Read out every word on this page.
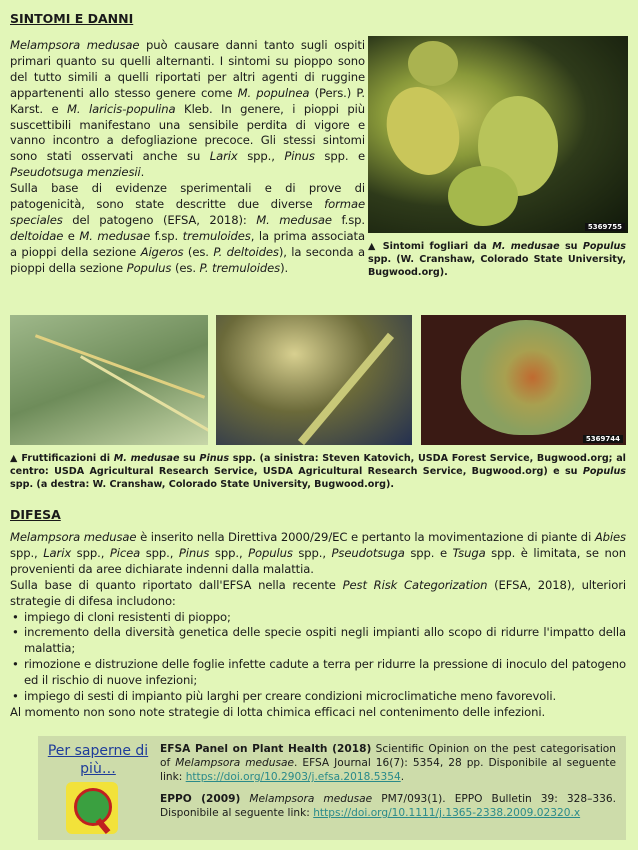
SINTOMI E DANNI

Melampsora medusae può causare danni tanto sugli ospiti primari quanto su quelli alternanti. I sintomi su pioppo sono del tutto simili a quelli riportati per altri agenti di ruggine appartenenti allo stesso genere come M. populnea (Pers.) P. Karst. e M. laricis-populina Kleb. In genere, i pioppi più suscettibili manifestano una sensibile perdita di vigore e vanno incontro a defogliazione precoce. Gli stessi sintomi sono stati osservati anche su Larix spp., Pinus spp. e Pseudotsuga menziesii.

Sulla base di evidenze sperimentali e di prove di patogenicità, sono state descritte due diverse formae speciales del patogeno (EFSA, 2018): M. medusae f.sp. deltoidae e M. medusae f.sp. tremuloides, la prima associata a pioppi della sezione Aigeros (es. P. deltoides), la seconda a pioppi della sezione Populus (es. P. tremuloides).

5369755
▲ Sintomi fogliari da M. medusae su Populus spp. (W. Cranshaw, Colorado State University, Bugwood.org).
5369744
▲ Fruttificazioni di M. medusae su Pinus spp. (a sinistra: Steven Katovich, USDA Forest Service, Bugwood.org; al centro: USDA Agricultural Research Service, USDA Agricultural Research Service, Bugwood.org) e su Populus spp. (a destra: W. Cranshaw, Colorado State University, Bugwood.org).
DIFESA

Melampsora medusae è inserito nella Direttiva 2000/29/EC e pertanto la movimentazione di piante di Abies spp., Larix spp., Picea spp., Pinus spp., Populus spp., Pseudotsuga spp. e Tsuga spp. è limitata, se non provenienti da aree dichiarate indenni dalla malattia.

Sulla base di quanto riportato dall'EFSA nella recente Pest Risk Categorization (EFSA, 2018), ulteriori strategie di difesa includono:

• impiego di cloni resistenti di pioppo;
• incremento della diversità genetica delle specie ospiti negli impianti allo scopo di ridurre l'impatto della malattia;
• rimozione e distruzione delle foglie infette cadute a terra per ridurre la pressione di inoculo del patogeno ed il rischio di nuove infezioni;
• impiego di sesti di impianto più larghi per creare condizioni microclimatiche meno favorevoli.

Al momento non sono note strategie di lotta chimica efficaci nel contenimento delle infezioni.

Per saperne di più…

EFSA Panel on Plant Health (2018) Scientific Opinion on the pest categorisation of Melampsora medusae. EFSA Journal 16(7): 5354, 28 pp. Disponibile al seguente link: https://doi.org/10.2903/j.efsa.2018.5354.

EPPO (2009) Melampsora medusae PM7/093(1). EPPO Bulletin 39: 328–336. Disponibile al seguente link: https://doi.org/10.1111/j.1365-2338.2009.02320.x
